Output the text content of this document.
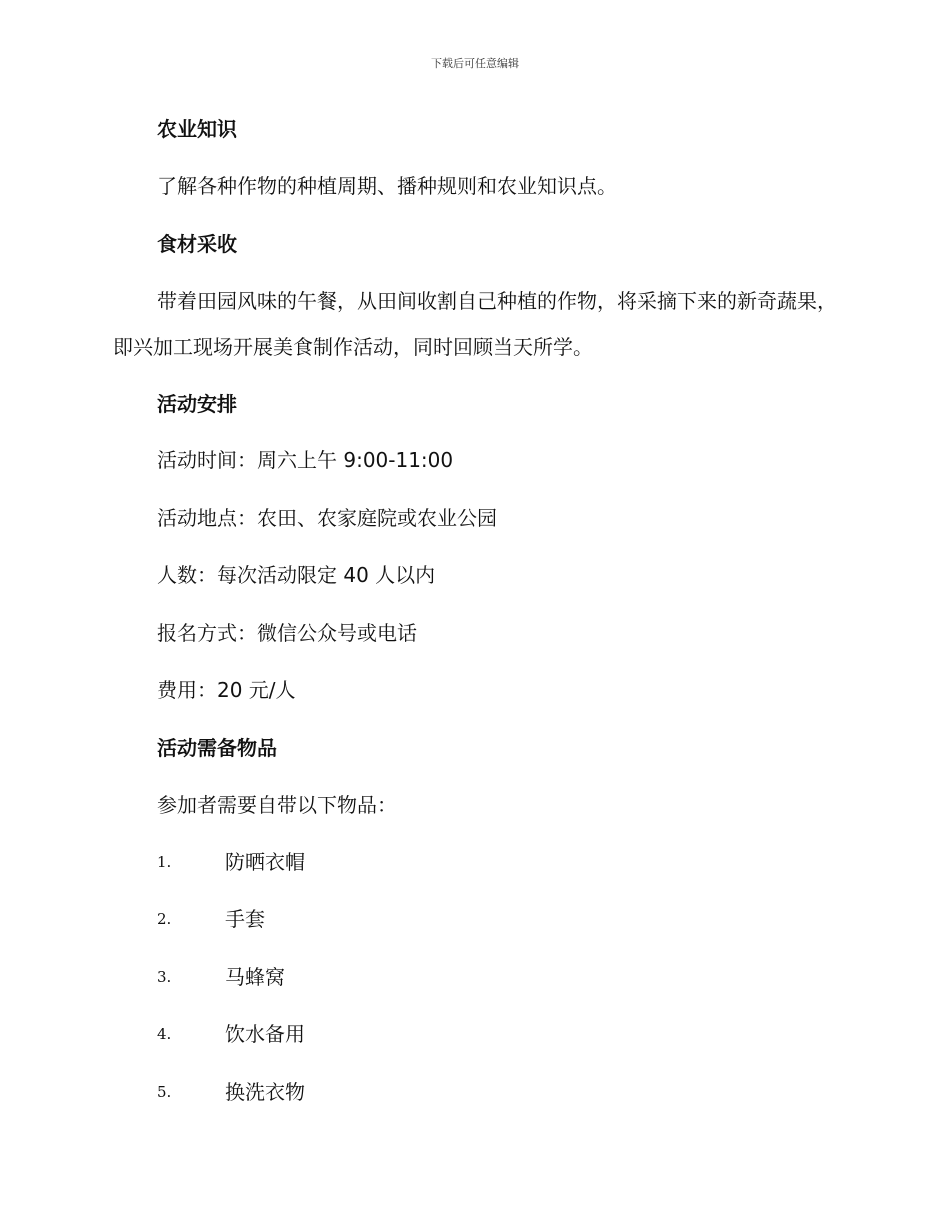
下载后可任意编辑
农业知识
了解各种作物的种植周期、播种规则和农业知识点。
食材采收

带着田园风味的午餐，从田间收割自己种植的作物，将采摘下来的新奇蔬果，即兴加工现场开展美食制作活动，同时回顾当天所学。

活动安排
活动时间：周六上午 9:00-11:00
活动地点：农田、农家庭院或农业公园
人数：每次活动限定 40 人以内
报名方式：微信公众号或电话
费用：20 元/人
活动需备物品
参加者需要自带以下物品：
1.	防晒衣帽
2.	手套
3.	马蜂窝
4.	饮水备用
5.	换洗衣物
